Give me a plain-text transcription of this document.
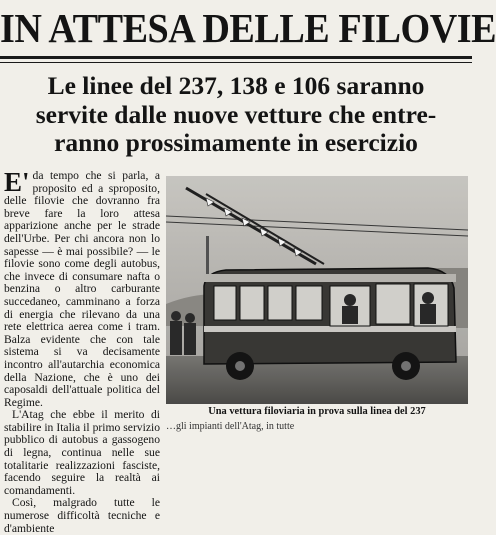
IN ATTESA DELLE FILOVIE
Le linee del 237, 138 e 106 saranno
servite dalle nuove vetture che entre-
ranno prossimamente in esercizio

E' da tempo che si parla, a proposito ed a sproposito, delle filovie che dovranno fra breve fare la loro attesa apparizione anche per le strade dell'Urbe. Per chi ancora non lo sapesse — è mai possibile? — le filovie sono come degli autobus, che invece di consumare nafta o benzina o altro carburante succedaneo, camminano a forza di energia che rilevano da una rete elettrica aerea come i tram. Balza evidente che con tale sistema si va decisamente incontro all'autarchia economica della Nazione, che è uno dei caposaldi dell'attuale politica del Regime.

L'Atag che ebbe il merito di stabilire in Italia il primo servizio pubblico di autobus a gassogeno di legna, continua nelle sue totalitarie realizzazioni fasciste, facendo seguire la realtà ai comandamenti.

Così, malgrado tutte le numerose difficoltà tecniche e d'ambiente

Una vettura filoviaria in prova sulla linea del 237
…gli impianti dell'Atag, in tutte
